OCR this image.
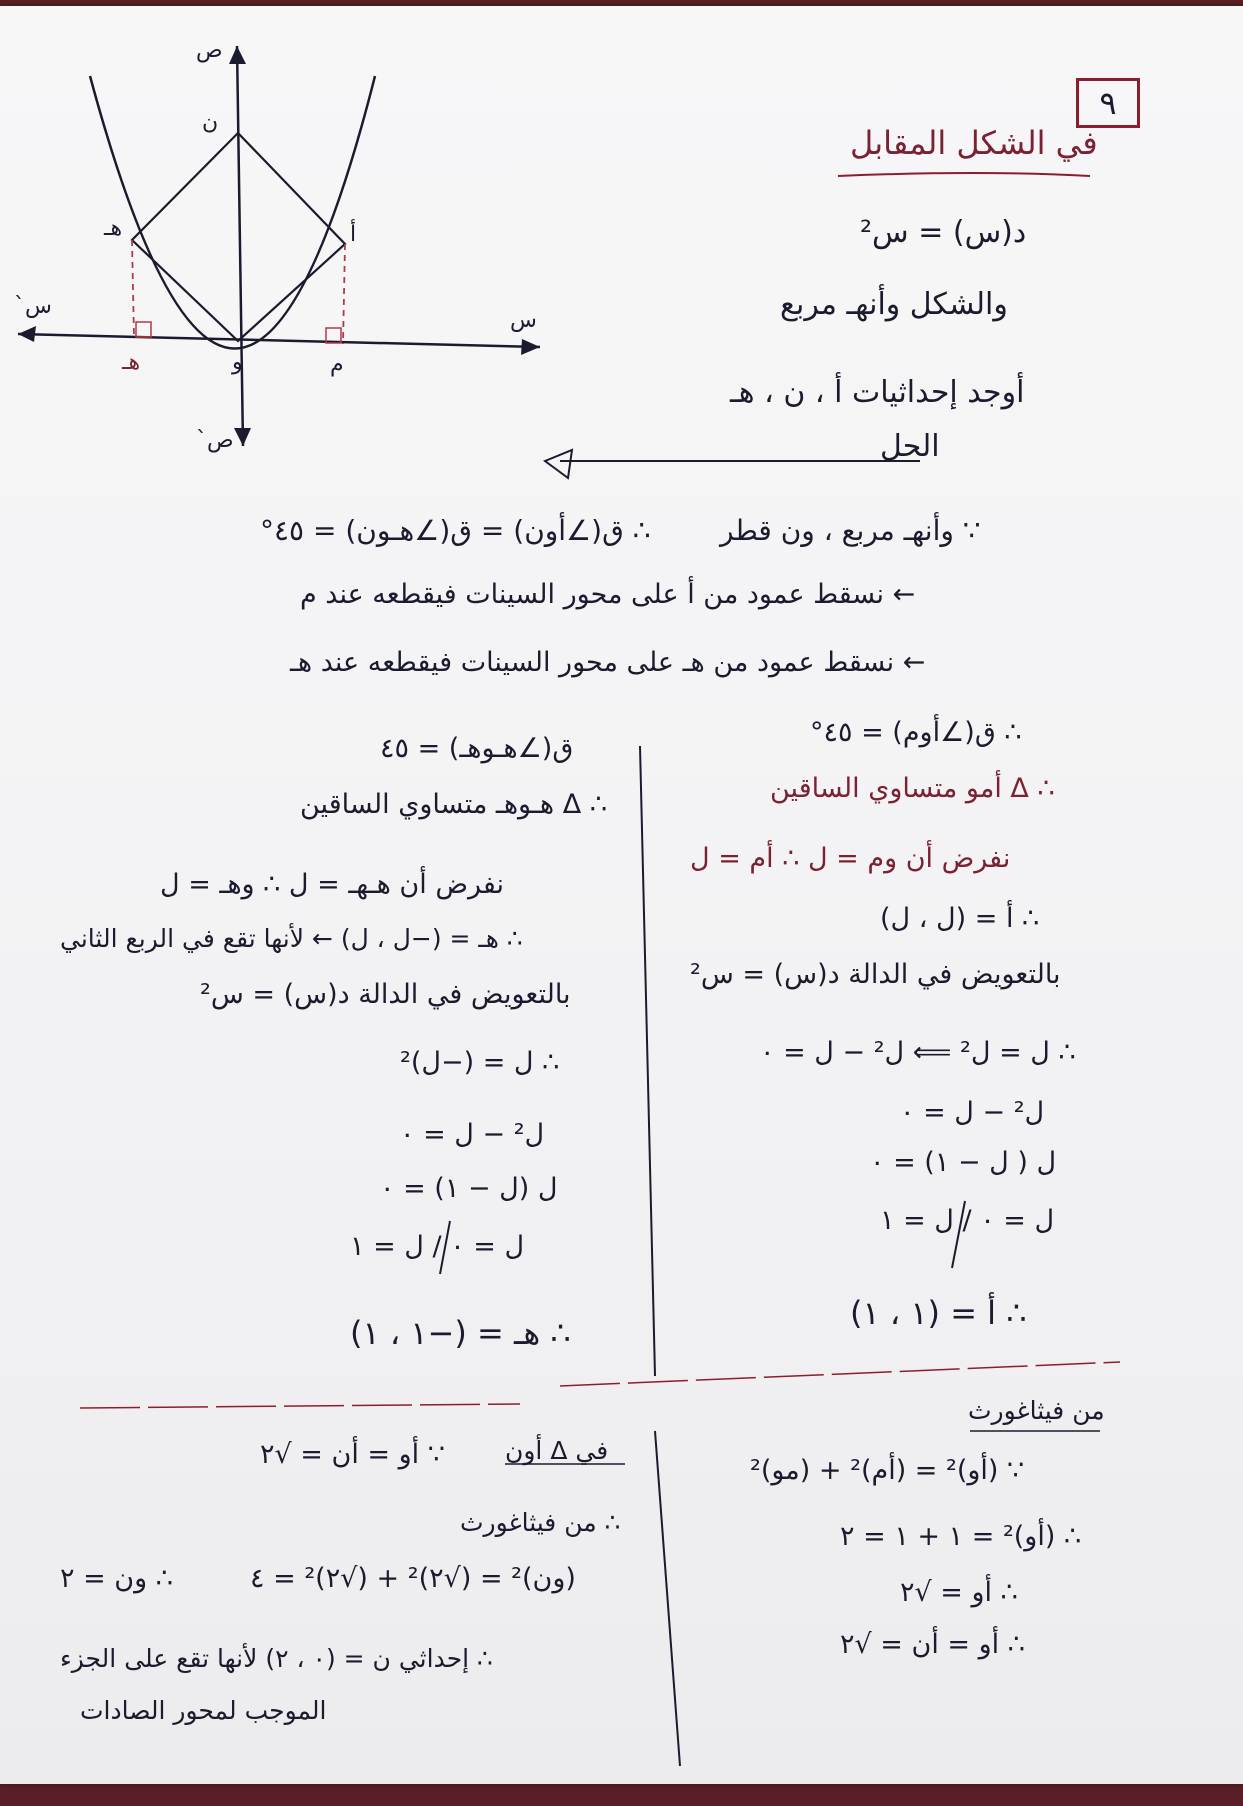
ص
ص`
س
س`
ن
أ
هـ
م
هـ	و
٩
في الشكل المقابل
د(س) = س²
والشكل وأنهـ مربع
أوجد إحداثيات أ ، ن ، هـ
الحل
∵ وأنهـ مربع ، ون قطر
∴ ق(∠أون) = ق(∠هـون) = ٤٥°
← نسقط عمود من أ على محور السينات فيقطعه عند م
← نسقط عمود من هـ على محور السينات فيقطعه عند هـ
∴ ق(∠أوم) = ٤٥°
∴ Δ أمو متساوي الساقين
نفرض أن وم = ل ∴ أم = ل
∴ أ = (ل ، ل)
بالتعويض في الدالة د(س) = س²
∴ ل = ل² ⟸ ل² − ل = ٠
ل² − ل = ٠
ل ( ل − ١) = ٠
ل = ٠ / ل = ١
∴ أ = (١ ، ١)
ق(∠هـوهـ) = ٤٥
∴ Δ هـوهـ متساوي الساقين
نفرض أن هـهـ = ل ∴ وهـ = ل
∴ هـ = (−ل ، ل) ← لأنها تقع في الربع الثاني
بالتعويض في الدالة د(س) = س²
∴ ل = (−ل)²
ل² − ل = ٠
ل (ل − ١) = ٠
ل = ٠ / ل = ١
∴ هـ = (−١ ، ١)
من فيثاغورث
∵ (أو)² = (أم)² + (مو)²
∴ (أو)² = ١ + ١ = ٢
∴ أو = √٢
∴ أو = أن = √٢
في Δ أون
∵ أو = أن = √٢
∴ من فيثاغورث
(ون)² = (√٢)² + (√٢)² = ٤
∴ ون = ٢
∴ إحداثي ن = (٠ ، ٢) لأنها تقع على الجزء
الموجب لمحور الصادات
